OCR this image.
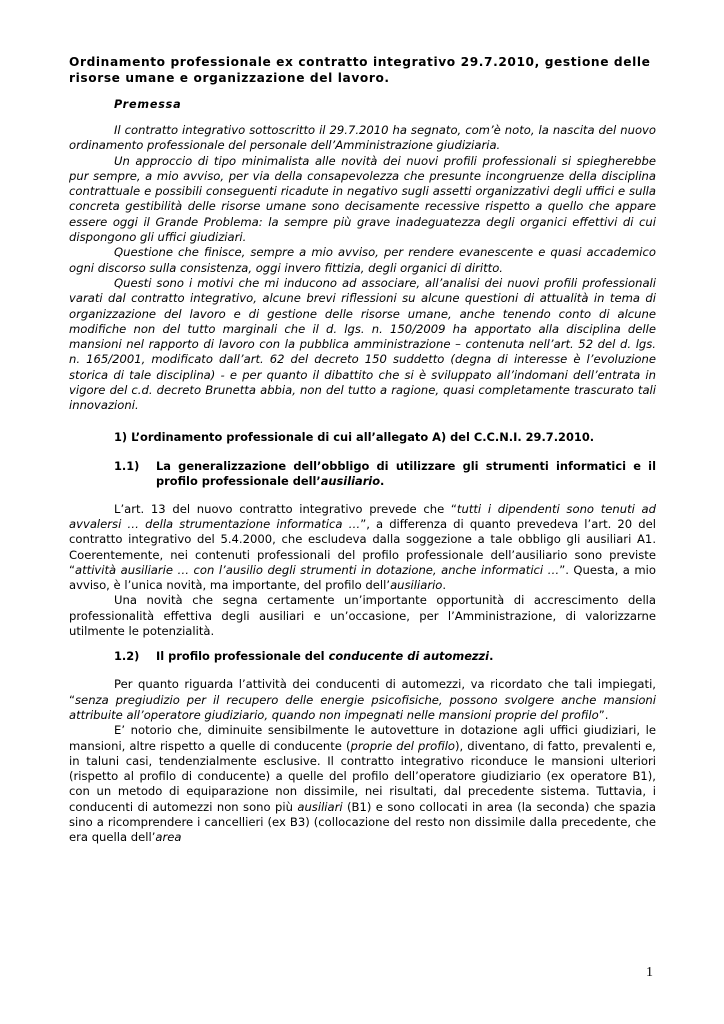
Ordinamento professionale ex contratto integrativo 29.7.2010, gestione delle risorse umane e organizzazione del lavoro.

Premessa

Il contratto integrativo sottoscritto il 29.7.2010 ha segnato, com’è noto, la nascita del nuovo ordinamento professionale del personale dell’Amministrazione giudiziaria.

Un approccio di tipo minimalista alle novità dei nuovi profili professionali si spiegherebbe pur sempre, a mio avviso, per via della consapevolezza che presunte incongruenze della disciplina contrattuale e possibili conseguenti ricadute in negativo sugli assetti organizzativi degli uffici e sulla concreta gestibilità delle risorse umane sono decisamente recessive rispetto a quello che appare essere oggi il Grande Problema: la sempre più grave inadeguatezza degli organici effettivi di cui dispongono gli uffici giudiziari.

Questione che finisce, sempre a mio avviso, per rendere evanescente e quasi accademico ogni discorso sulla consistenza, oggi invero fittizia, degli organici di diritto.

Questi sono i motivi che mi inducono ad associare, all’analisi dei nuovi profili professionali varati dal contratto integrativo, alcune brevi riflessioni su alcune questioni di attualità in tema di organizzazione del lavoro e di gestione delle risorse umane, anche tenendo conto di alcune modifiche non del tutto marginali che il d. lgs. n. 150/2009 ha apportato alla disciplina delle mansioni nel rapporto di lavoro con la pubblica amministrazione – contenuta nell’art. 52 del d. lgs. n. 165/2001, modificato dall’art. 62 del decreto 150 suddetto (degna di interesse è l’evoluzione storica di tale disciplina) - e per quanto il dibattito che si è sviluppato all’indomani dell’entrata in vigore del c.d. decreto Brunetta abbia, non del tutto a ragione, quasi completamente trascurato tali innovazioni.

1) L’ordinamento professionale di cui all’allegato A) del C.C.N.I. 29.7.2010.

1.1)	La generalizzazione dell’obbligo di utilizzare gli strumenti informatici e il profilo professionale dell’ausiliario.

L’art. 13 del nuovo contratto integrativo prevede che “tutti i dipendenti sono tenuti ad avvalersi … della strumentazione informatica …”, a differenza di quanto prevedeva l’art. 20 del contratto integrativo del 5.4.2000, che escludeva dalla soggezione a tale obbligo gli ausiliari A1. Coerentemente, nei contenuti professionali del profilo professionale dell’ausiliario sono previste “attività ausiliarie … con l’ausilio degli strumenti in dotazione, anche informatici …”. Questa, a mio avviso, è l’unica novità, ma importante, del profilo dell’ausiliario.

Una novità che segna certamente un’importante opportunità di accrescimento della professionalità effettiva degli ausiliari e un’occasione, per l’Amministrazione, di valorizzarne utilmente le potenzialità.

1.2)	Il profilo professionale del conducente di automezzi.

Per quanto riguarda l’attività dei conducenti di automezzi, va ricordato che tali impiegati, “senza pregiudizio per il recupero delle energie psicofisiche, possono svolgere anche mansioni attribuite all’operatore giudiziario, quando non impegnati nelle mansioni proprie del profilo”.

E’ notorio che, diminuite sensibilmente le autovetture in dotazione agli uffici giudiziari, le mansioni, altre rispetto a quelle di conducente (proprie del profilo), diventano, di fatto, prevalenti e, in taluni casi, tendenzialmente esclusive. Il contratto integrativo riconduce le mansioni ulteriori (rispetto al profilo di conducente) a quelle del profilo dell’operatore giudiziario (ex operatore B1), con un metodo di equiparazione non dissimile, nei risultati, dal precedente sistema. Tuttavia, i conducenti di automezzi non sono più ausiliari (B1) e sono collocati in area (la seconda) che spazia sino a ricomprendere i cancellieri (ex B3) (collocazione del resto non dissimile dalla precedente, che era quella dell’area

1
